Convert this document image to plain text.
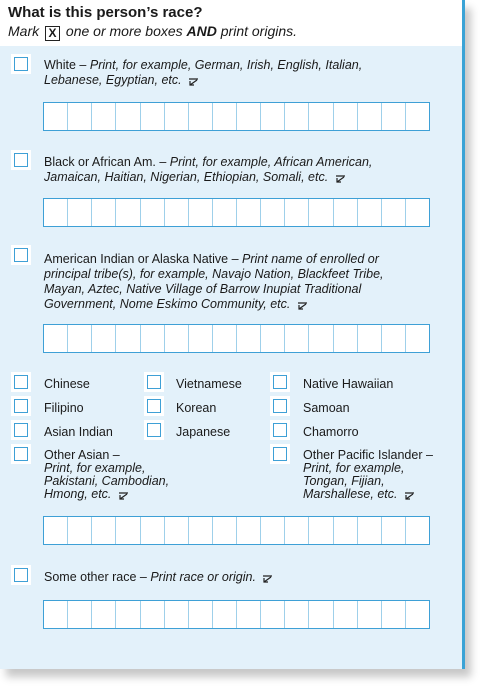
What is this person’s race?
Mark X one or more boxes AND print origins.
White – Print, for example, German, Irish, English, Italian,
Lebanese, Egyptian, etc.
Black or African Am. – Print, for example, African American,
Jamaican, Haitian, Nigerian, Ethiopian, Somali, etc.
American Indian or Alaska Native – Print name of enrolled or
principal tribe(s), for example, Navajo Nation, Blackfeet Tribe,
Mayan, Aztec, Native Village of Barrow Inupiat Traditional
Government, Nome Eskimo Community, etc.
Chinese	Vietnamese	Native Hawaiian
Filipino	Korean	Samoan
Asian Indian	Japanese	Chamorro
Other Asian –
Print, for example,
Pakistani, Cambodian,
Hmong, etc.
Other Pacific Islander –
Print, for example,
Tongan, Fijian,
Marshallese, etc.
Some other race – Print race or origin.
